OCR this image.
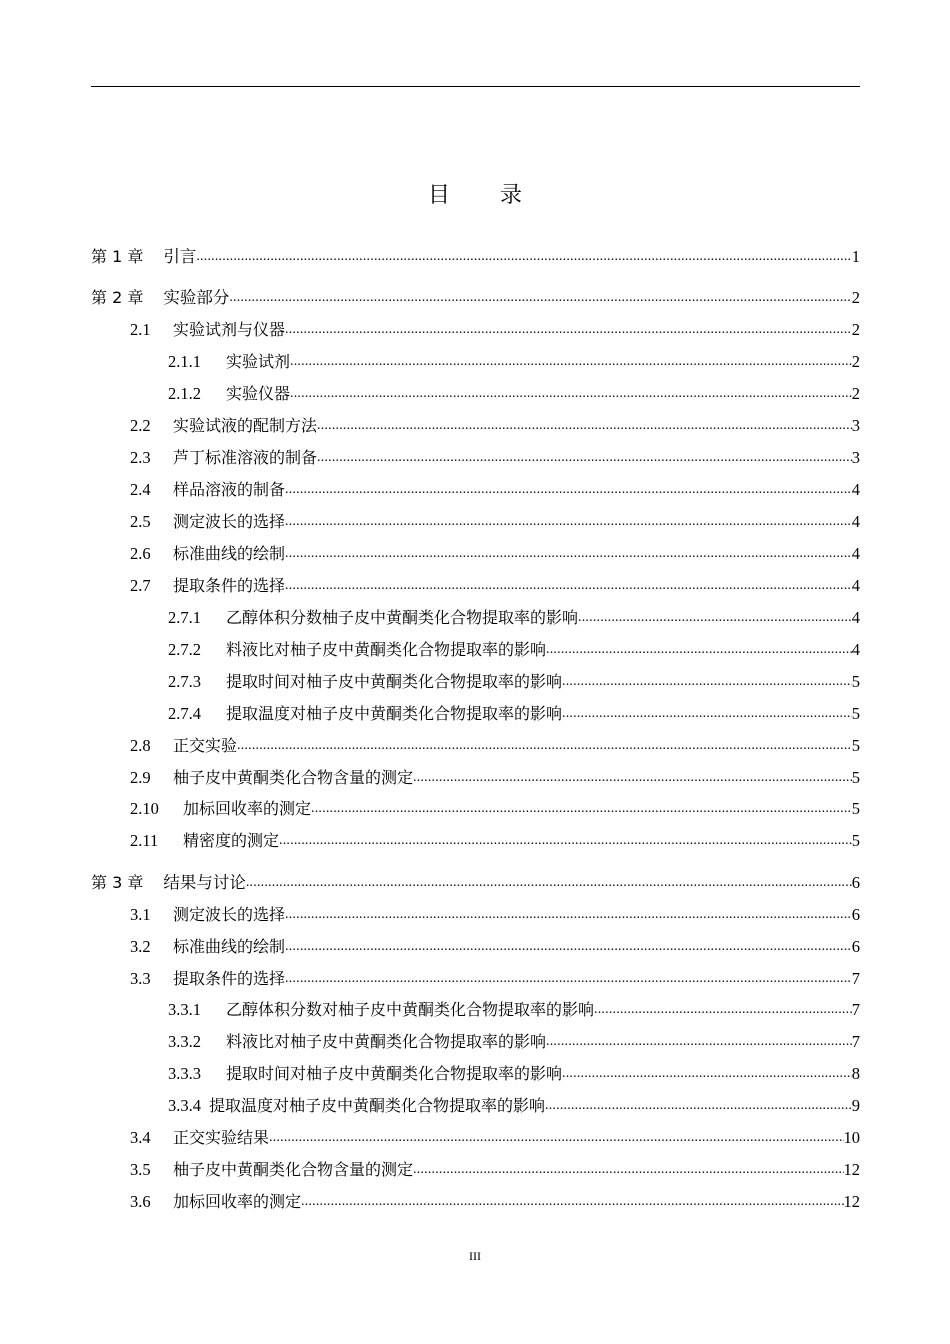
目 录
第 1 章 引言 .....	1
第 2 章 实验部分 .....	2
2.1	实验试剂与仪器 .....	2
2.1.1	实验试剂 .....	2
2.1.2	实验仪器 .....	2
2.2	实验试液的配制方法 .....	3
2.3	芦丁标准溶液的制备 .....	3
2.4	样品溶液的制备 .....	4
2.5	测定波长的选择 .....	4
2.6	标准曲线的绘制 .....	4
2.7	提取条件的选择 .....	4
2.7.1	乙醇体积分数柚子皮中黄酮类化合物提取率的影响 .....	4
2.7.2	料液比对柚子皮中黄酮类化合物提取率的影响 .....	4
2.7.3	提取时间对柚子皮中黄酮类化合物提取率的影响 .....	5
2.7.4	提取温度对柚子皮中黄酮类化合物提取率的影响 .....	5
2.8	正交实验 .....	5
2.9	柚子皮中黄酮类化合物含量的测定 .....	5
2.10	加标回收率的测定 .....	5
2.11	精密度的测定 .....	5
第 3 章 结果与讨论 .....	6
3.1	测定波长的选择 .....	6
3.2	标准曲线的绘制 .....	6
3.3	提取条件的选择 .....	7
3.3.1	乙醇体积分数对柚子皮中黄酮类化合物提取率的影响 .....	7
3.3.2	料液比对柚子皮中黄酮类化合物提取率的影响 .....	7
3.3.3	提取时间对柚子皮中黄酮类化合物提取率的影响 .....	8
3.3.4 提取温度对柚子皮中黄酮类化合物提取率的影响 .....	9
3.4	正交实验结果 .....	10
3.5	柚子皮中黄酮类化合物含量的测定 .....	12
3.6	加标回收率的测定 .....	12
III
